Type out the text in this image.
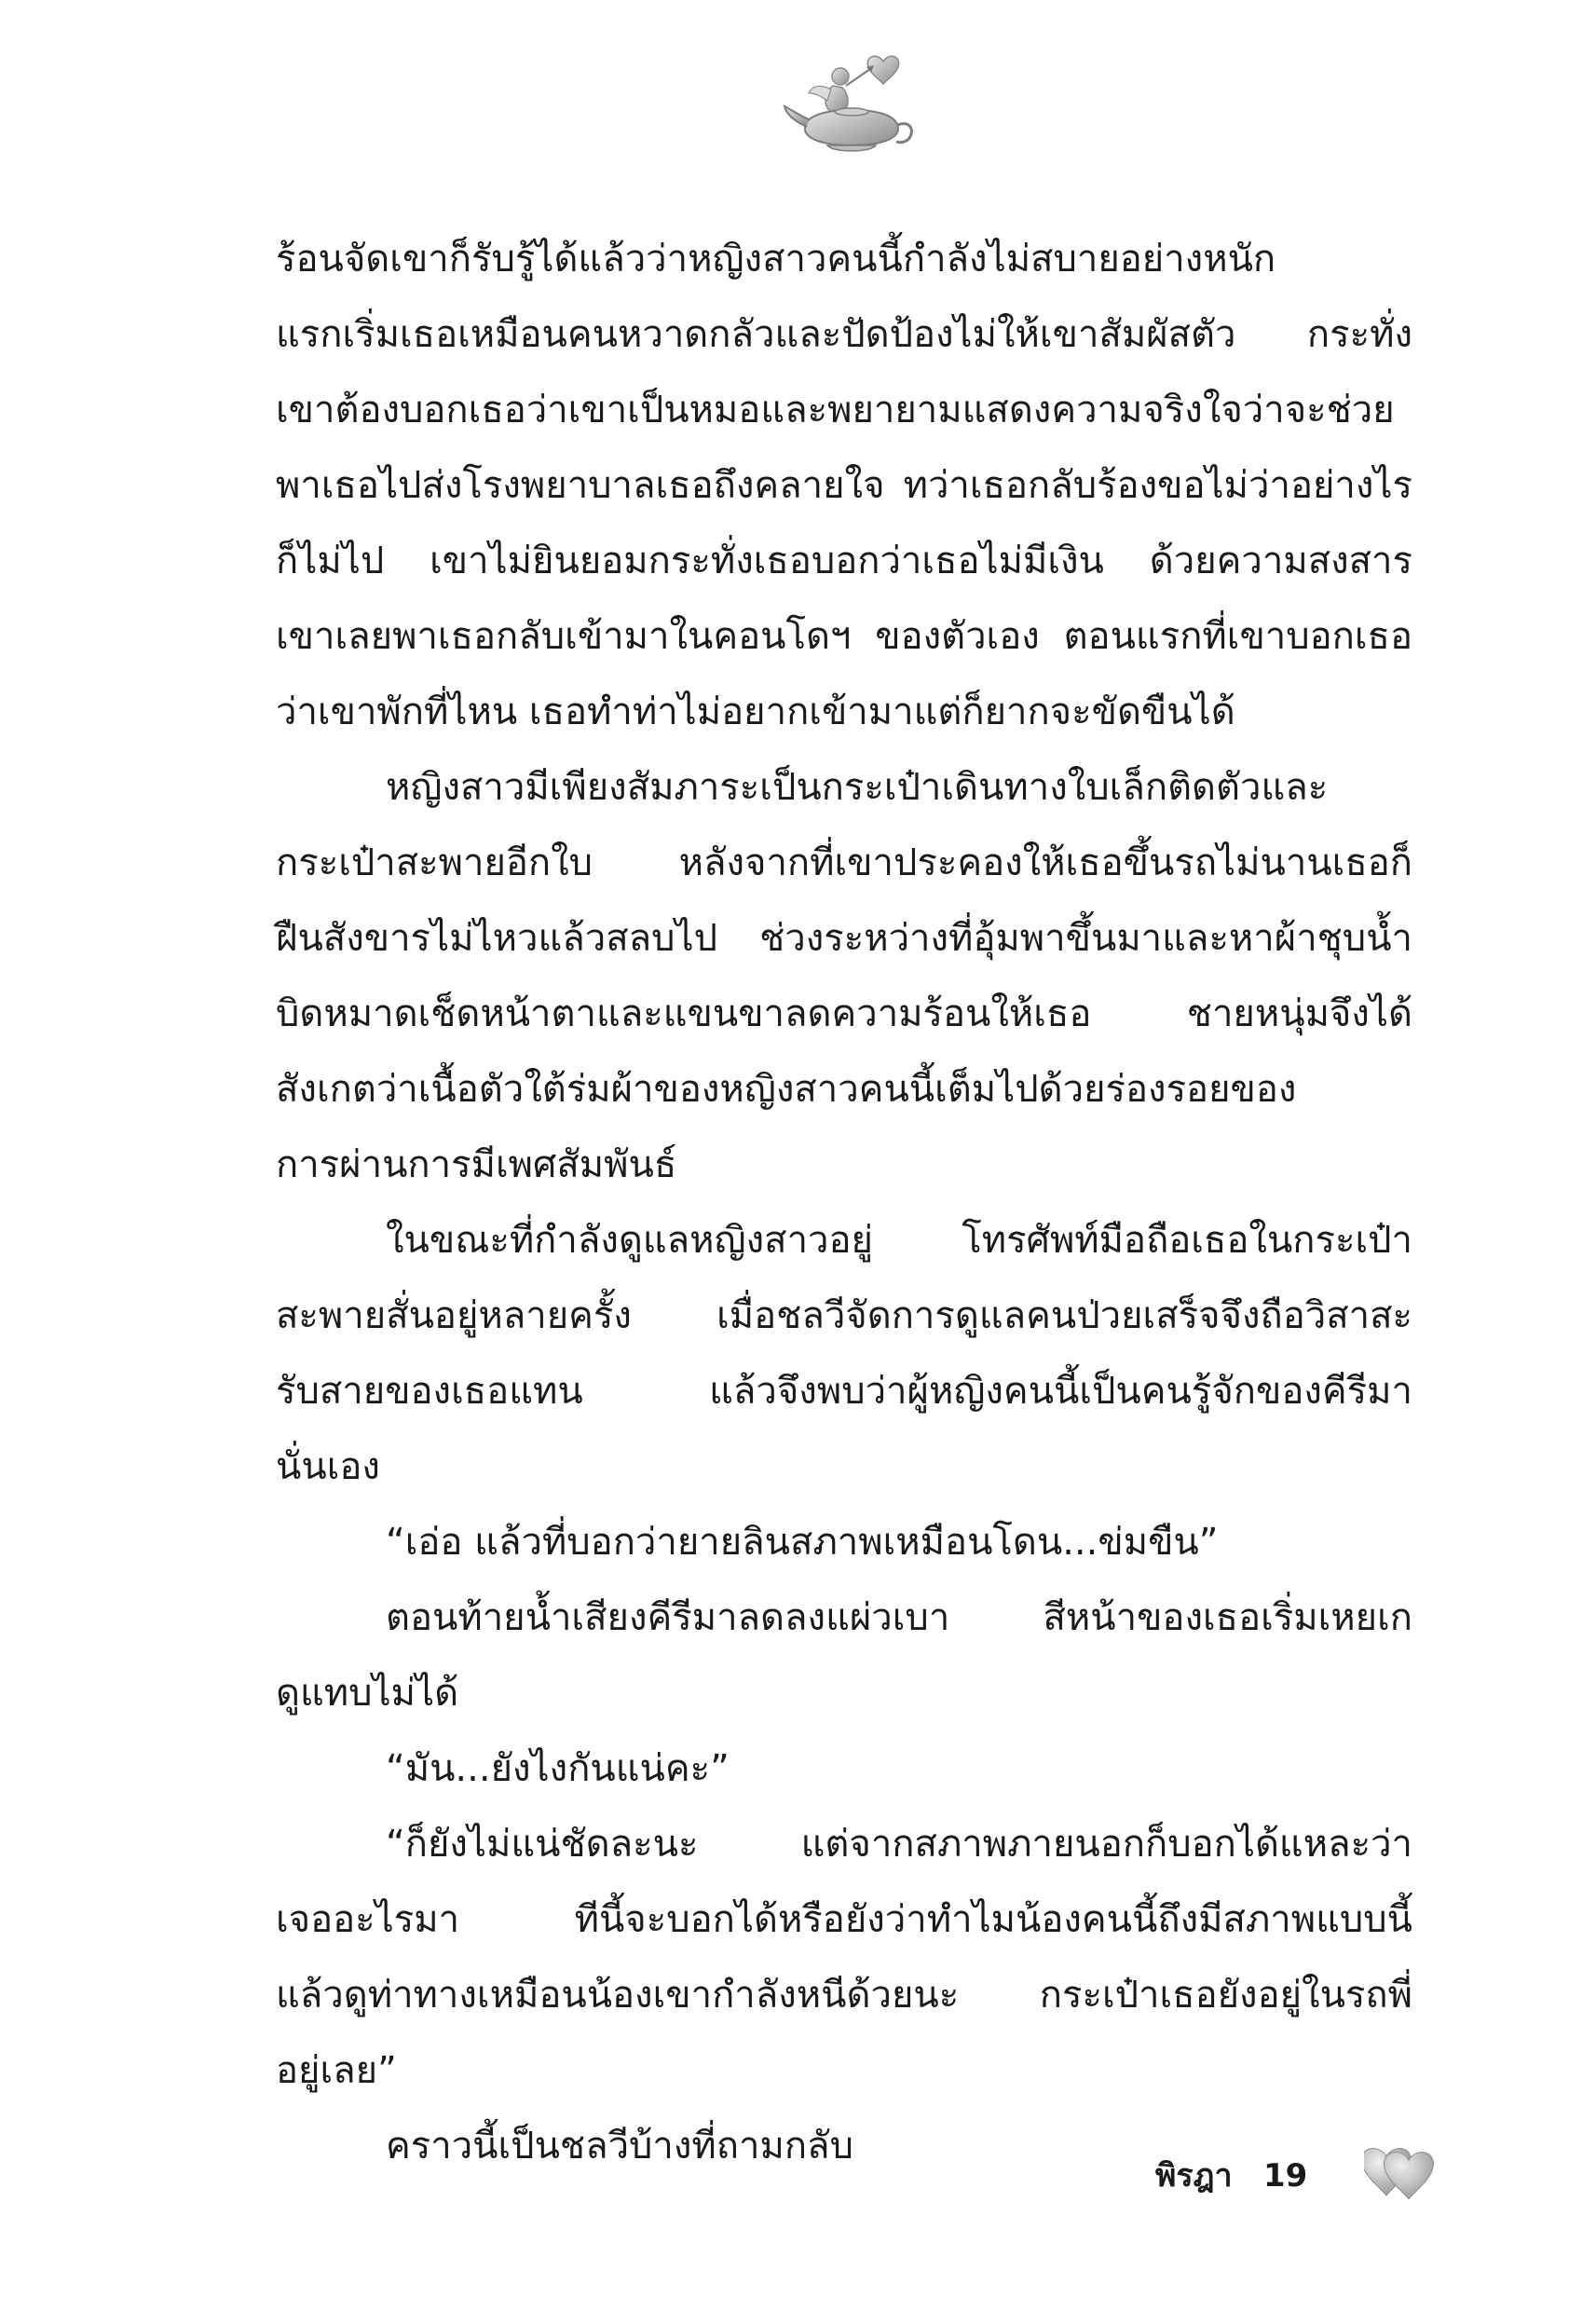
ร้อนจัดเขาก็รับรู้ได้แล้วว่าหญิงสาวคนนี้กำลังไม่สบายอย่างหนัก
แรกเริ่มเธอเหมือนคนหวาดกลัวและปัดป้องไม่ให้เขาสัมผัสตัว กระทั่ง
เขาต้องบอกเธอว่าเขาเป็นหมอและพยายามแสดงความจริงใจว่าจะช่วย
พาเธอไปส่งโรงพยาบาลเธอถึงคลายใจ ทว่าเธอกลับร้องขอไม่ว่าอย่างไร
ก็ไม่ไป เขาไม่ยินยอมกระทั่งเธอบอกว่าเธอไม่มีเงิน ด้วยความสงสาร
เขาเลยพาเธอกลับเข้ามาในคอนโดฯ ของตัวเอง ตอนแรกที่เขาบอกเธอ
ว่าเขาพักที่ไหน เธอทำท่าไม่อยากเข้ามาแต่ก็ยากจะขัดขืนได้
หญิงสาวมีเพียงสัมภาระเป็นกระเป๋าเดินทางใบเล็กติดตัวและ
กระเป๋าสะพายอีกใบ หลังจากที่เขาประคองให้เธอขึ้นรถไม่นานเธอก็
ฝืนสังขารไม่ไหวแล้วสลบไป ช่วงระหว่างที่อุ้มพาขึ้นมาและหาผ้าชุบน้ำ
บิดหมาดเช็ดหน้าตาและแขนขาลดความร้อนให้เธอ ชายหนุ่มจึงได้
สังเกตว่าเนื้อตัวใต้ร่มผ้าของหญิงสาวคนนี้เต็มไปด้วยร่องรอยของ
การผ่านการมีเพศสัมพันธ์
ในขณะที่กำลังดูแลหญิงสาวอยู่ โทรศัพท์มือถือเธอในกระเป๋า
สะพายสั่นอยู่หลายครั้ง เมื่อชลวีจัดการดูแลคนป่วยเสร็จจึงถือวิสาสะ
รับสายของเธอแทน แล้วจึงพบว่าผู้หญิงคนนี้เป็นคนรู้จักของคีรีมา
นั่นเอง
“เอ่อ แล้วที่บอกว่ายายลินสภาพเหมือนโดน...ข่มขืน”
ตอนท้ายน้ำเสียงคีรีมาลดลงแผ่วเบา สีหน้าของเธอเริ่มเหยเก
ดูแทบไม่ได้
“มัน...ยังไงกันแน่คะ”
“ก็ยังไม่แน่ชัดละนะ แต่จากสภาพภายนอกก็บอกได้แหละว่า
เจออะไรมา ทีนี้จะบอกได้หรือยังว่าทำไมน้องคนนี้ถึงมีสภาพแบบนี้
แล้วดูท่าทางเหมือนน้องเขากำลังหนีด้วยนะ กระเป๋าเธอยังอยู่ในรถพี่
อยู่เลย”
คราวนี้เป็นชลวีบ้างที่ถามกลับ
พิรฎา 19
